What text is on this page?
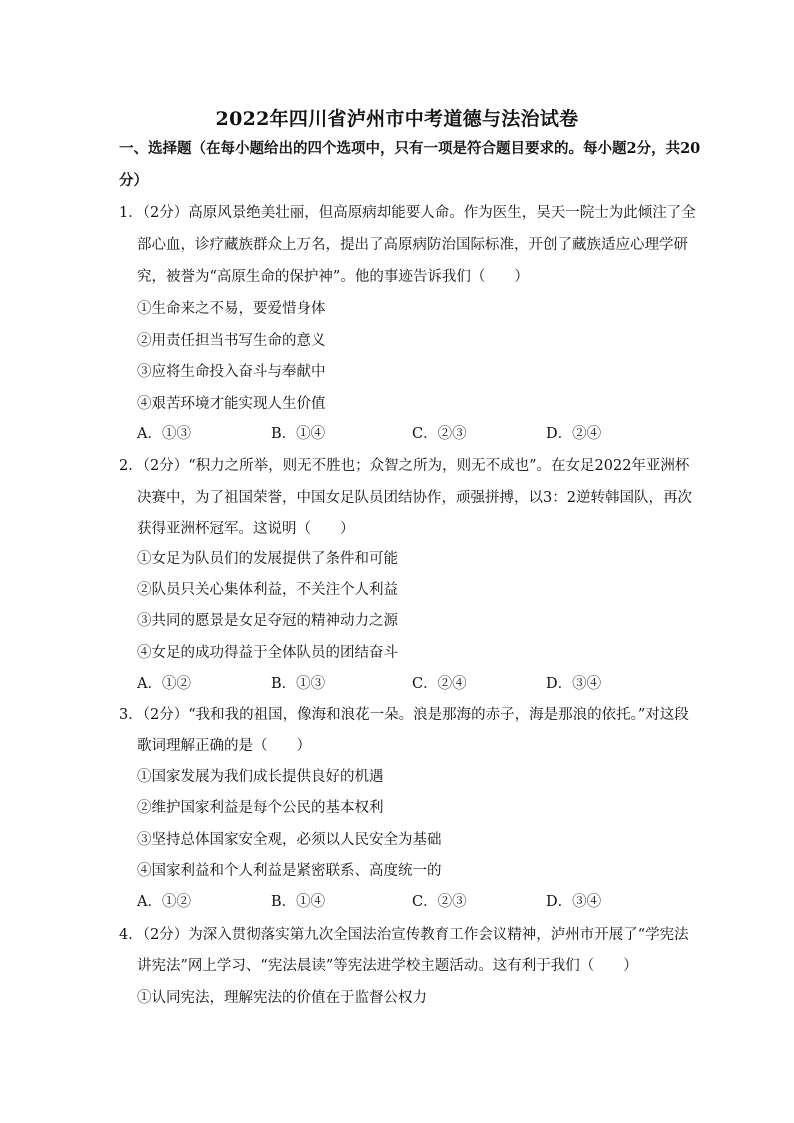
2022年四川省泸州市中考道德与法治试卷
一、选择题（在每小题给出的四个选项中，只有一项是符合题目要求的。每小题2分，共20
分）
1．（2分）高原风景绝美壮丽，但高原病却能要人命。作为医生，吴天一院士为此倾注了全
部心血，诊疗藏族群众上万名，提出了高原病防治国际标准，开创了藏族适应心理学研
究，被誉为“高原生命的保护神”。他的事迹告诉我们（　　）
①生命来之不易，要爱惜身体
②用责任担当书写生命的意义
③应将生命投入奋斗与奉献中
④艰苦环境才能实现人生价值
A．①③	B．①④	C．②③	D．②④
2．（2分）“积力之所举，则无不胜也；众智之所为，则无不成也”。在女足2022年亚洲杯
决赛中，为了祖国荣誉，中国女足队员团结协作，顽强拼搏，以3：2逆转韩国队，再次
获得亚洲杯冠军。这说明（　　）
①女足为队员们的发展提供了条件和可能
②队员只关心集体利益，不关注个人利益
③共同的愿景是女足夺冠的精神动力之源
④女足的成功得益于全体队员的团结奋斗
A．①②	B．①③	C．②④	D．③④
3．（2分）“我和我的祖国，像海和浪花一朵。浪是那海的赤子，海是那浪的依托。”对这段
歌词理解正确的是（　　）
①国家发展为我们成长提供良好的机遇
②维护国家利益是每个公民的基本权利
③坚持总体国家安全观，必须以人民安全为基础
④国家利益和个人利益是紧密联系、高度统一的
A．①②	B．①④	C．②③	D．③④
4．（2分）为深入贯彻落实第九次全国法治宣传教育工作会议精神，泸州市开展了“学宪法
讲宪法”网上学习、“宪法晨读”等宪法进学校主题活动。这有利于我们（　　）
①认同宪法，理解宪法的价值在于监督公权力
